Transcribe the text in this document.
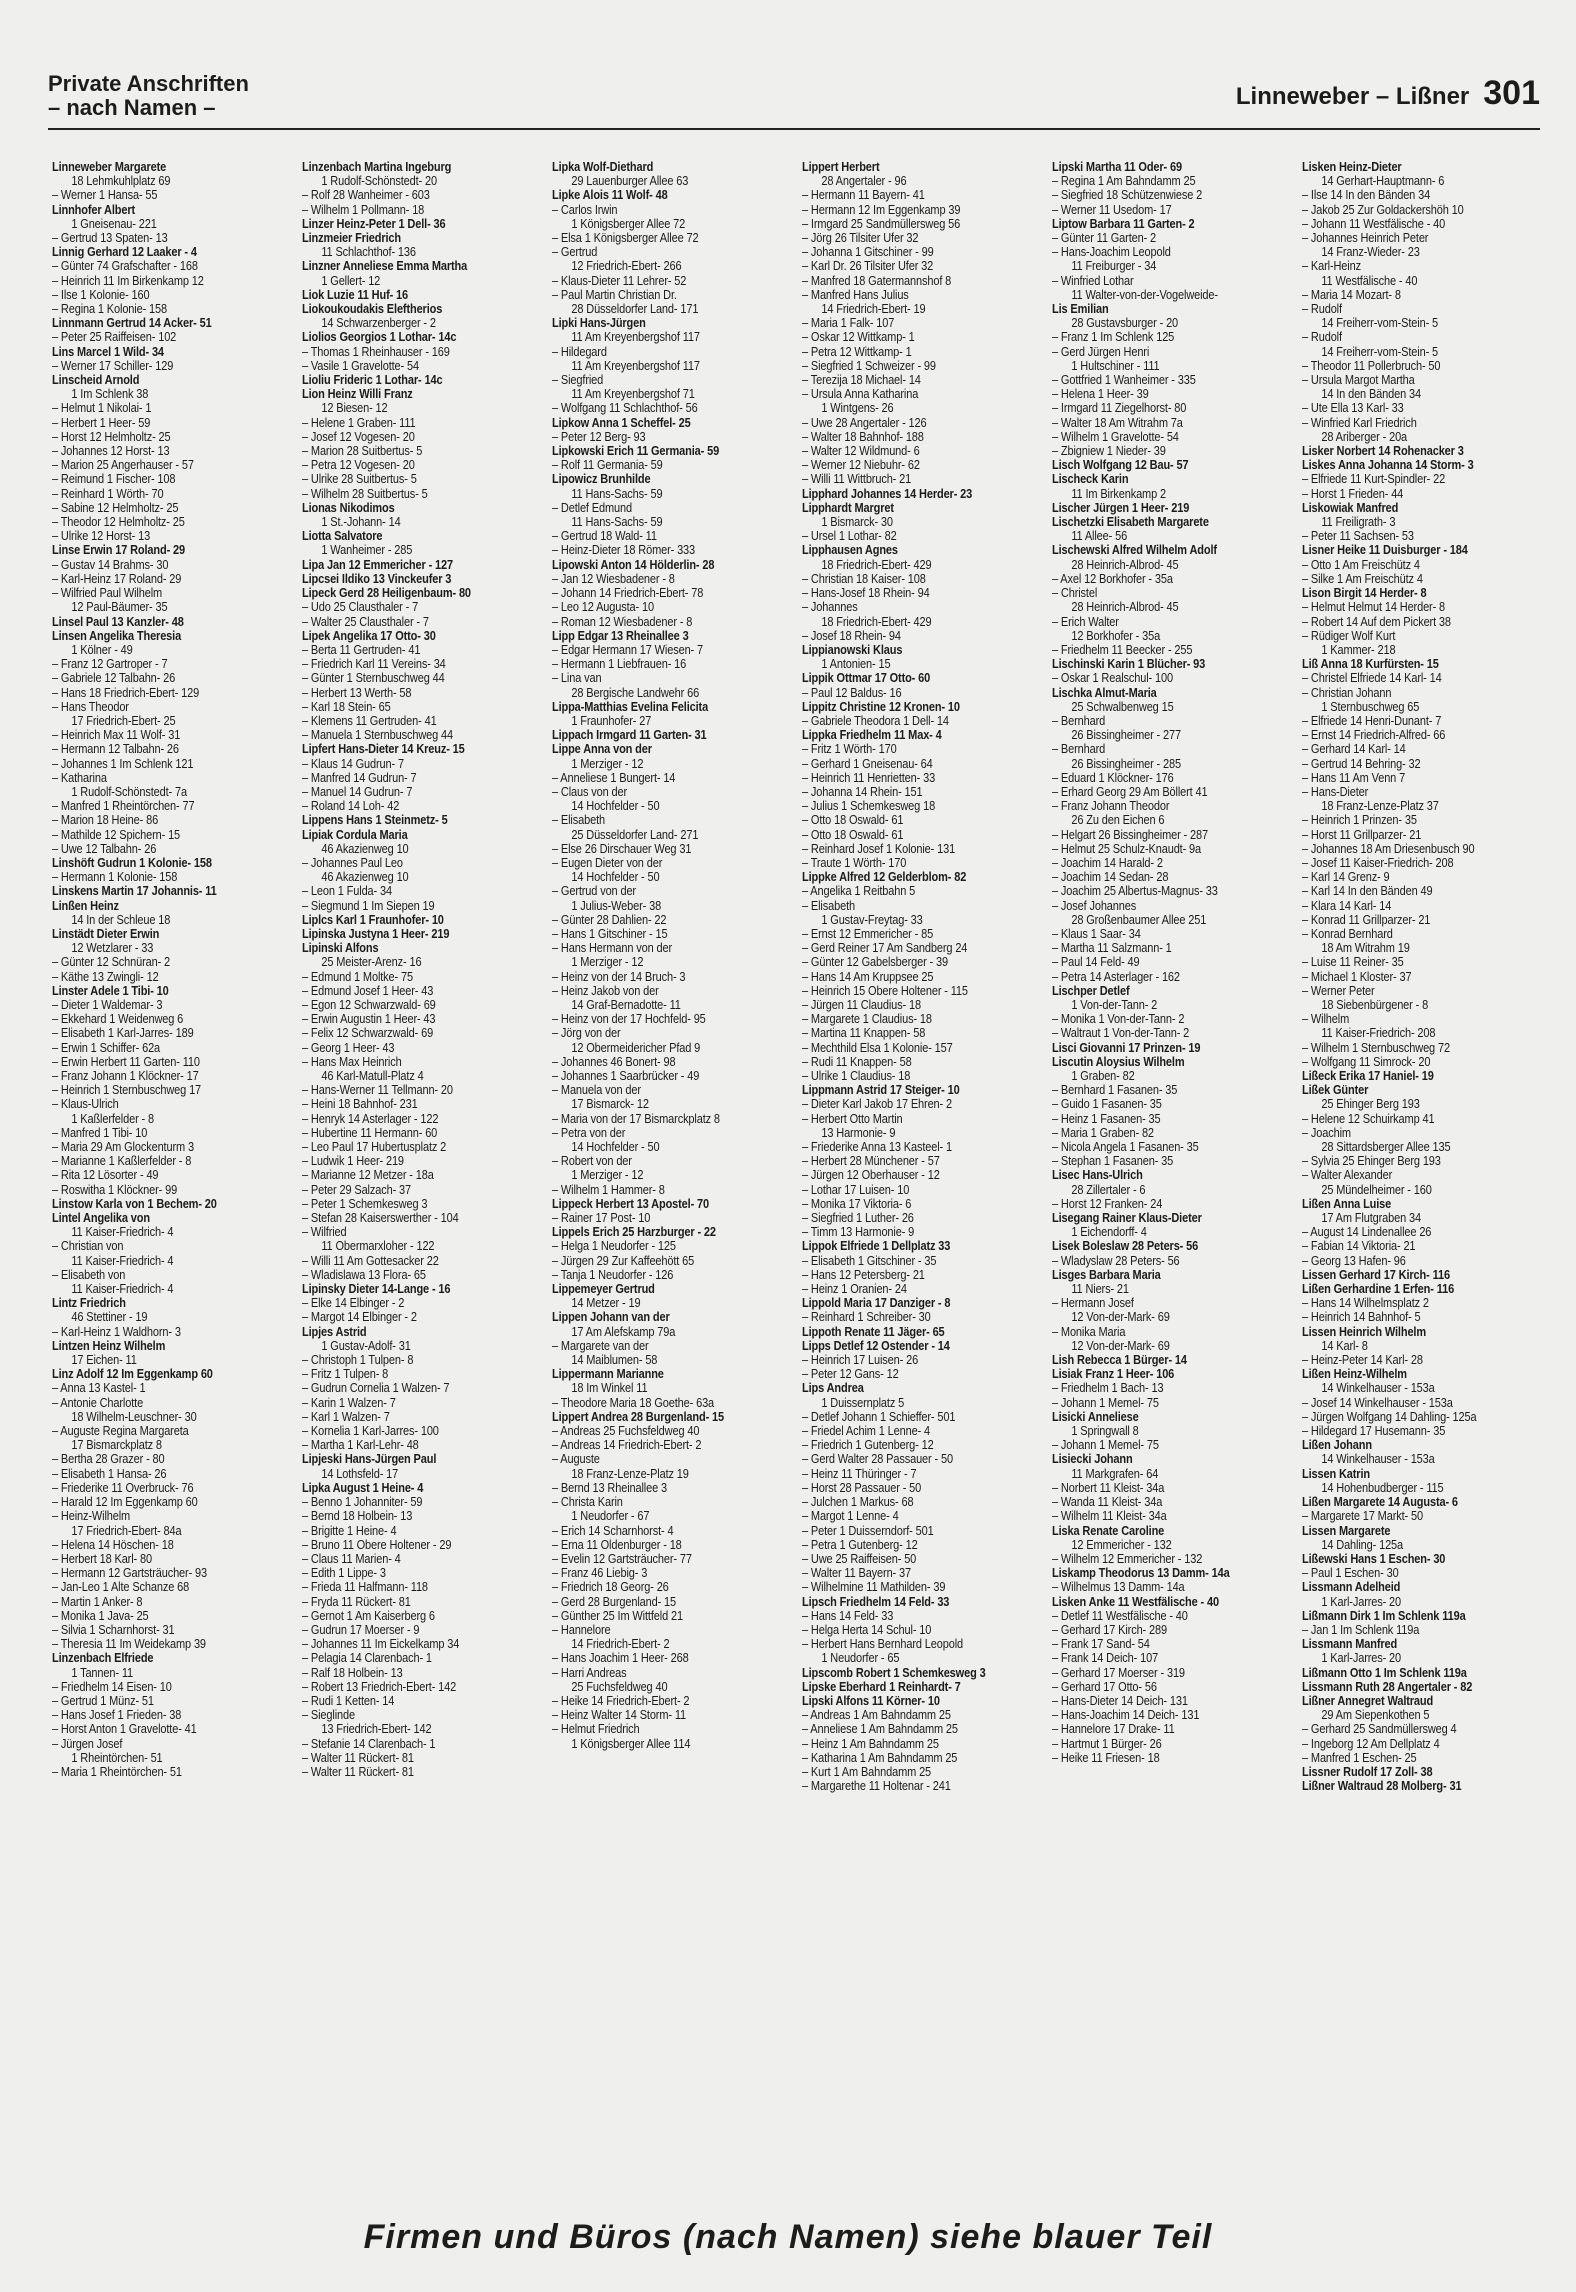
Private Anschriften
– nach Namen –	Linneweber – Lißner 301
Linneweber Margarete
18 Lehmkuhlplatz 69
– Werner 1 Hansa- 55
Linnhofer Albert
1 Gneisenau- 221
– Gertrud 13 Spaten- 13
Linnig Gerhard 12 Laaker - 4
– Günter 74 Grafschafter - 168
– Heinrich 11 Im Birkenkamp 12
– Ilse 1 Kolonie- 160
– Regina 1 Kolonie- 158
Linnmann Gertrud 14 Acker- 51
– Peter 25 Raiffeisen- 102
Lins Marcel 1 Wild- 34
– Werner 17 Schiller- 129
Linscheid Arnold
1 Im Schlenk 38
– Helmut 1 Nikolai- 1
– Herbert 1 Heer- 59
– Horst 12 Helmholtz- 25
– Johannes 12 Horst- 13
– Marion 25 Angerhauser - 57
– Reimund 1 Fischer- 108
– Reinhard 1 Wörth- 70
– Sabine 12 Helmholtz- 25
– Theodor 12 Helmholtz- 25
– Ulrike 12 Horst- 13
Linse Erwin 17 Roland- 29
– Gustav 14 Brahms- 30
– Karl-Heinz 17 Roland- 29
– Wilfried Paul Wilhelm
12 Paul-Bäumer- 35
Linsel Paul 13 Kanzler- 48
Linsen Angelika Theresia
1 Kölner - 49
– Franz 12 Gartroper - 7
– Gabriele 12 Talbahn- 26
– Hans 18 Friedrich-Ebert- 129
– Hans Theodor
17 Friedrich-Ebert- 25
– Heinrich Max 11 Wolf- 31
– Hermann 12 Talbahn- 26
– Johannes 1 Im Schlenk 121
– Katharina
1 Rudolf-Schönstedt- 7a
– Manfred 1 Rheintörchen- 77
– Marion 18 Heine- 86
– Mathilde 12 Spichern- 15
– Uwe 12 Talbahn- 26
Linshöft Gudrun 1 Kolonie- 158
– Hermann 1 Kolonie- 158
Linskens Martin 17 Johannis- 11
Linßen Heinz
14 In der Schleue 18
Linstädt Dieter Erwin
12 Wetzlarer - 33
– Günter 12 Schnüran- 2
– Käthe 13 Zwingli- 12
Linster Adele 1 Tibi- 10
– Dieter 1 Waldemar- 3
– Ekkehard 1 Weidenweg 6
– Elisabeth 1 Karl-Jarres- 189
– Erwin 1 Schiffer- 62a
– Erwin Herbert 11 Garten- 110
– Franz Johann 1 Klöckner- 17
– Heinrich 1 Sternbuschweg 17
– Klaus-Ulrich
1 Kaßlerfelder - 8
– Manfred 1 Tibi- 10
– Maria 29 Am Glockenturm 3
– Marianne 1 Kaßlerfelder - 8
– Rita 12 Lösorter - 49
– Roswitha 1 Klöckner- 99
Linstow Karla von 1 Bechem- 20
Lintel Angelika von
11 Kaiser-Friedrich- 4
– Christian von
11 Kaiser-Friedrich- 4
– Elisabeth von
11 Kaiser-Friedrich- 4
Lintz Friedrich
46 Stettiner - 19
– Karl-Heinz 1 Waldhorn- 3
Lintzen Heinz Wilhelm
17 Eichen- 11
Linz Adolf 12 Im Eggenkamp 60
– Anna 13 Kastel- 1
– Antonie Charlotte
18 Wilhelm-Leuschner- 30
– Auguste Regina Margareta
17 Bismarckplatz 8
– Bertha 28 Grazer - 80
– Elisabeth 1 Hansa- 26
– Friederike 11 Overbruck- 76
– Harald 12 Im Eggenkamp 60
– Heinz-Wilhelm
17 Friedrich-Ebert- 84a
– Helena 14 Höschen- 18
– Herbert 18 Karl- 80
– Hermann 12 Gartsträucher- 93
– Jan-Leo 1 Alte Schanze 68
– Martin 1 Anker- 8
– Monika 1 Java- 25
– Silvia 1 Scharnhorst- 31
– Theresia 11 Im Weidekamp 39
Linzenbach Elfriede
1 Tannen- 11
– Friedhelm 14 Eisen- 10
– Gertrud 1 Münz- 51
– Hans Josef 1 Frieden- 38
– Horst Anton 1 Gravelotte- 41
– Jürgen Josef
1 Rheintörchen- 51
– Maria 1 Rheintörchen- 51
Linzenbach Martina Ingeburg
1 Rudolf-Schönstedt- 20
– Rolf 28 Wanheimer - 603
– Wilhelm 1 Pollmann- 18
Linzer Heinz-Peter 1 Dell- 36
Linzmeier Friedrich
11 Schlachthof- 136
Linzner Anneliese Emma Martha
1 Gellert- 12
Liok Luzie 11 Huf- 16
Liokoukoudakis Eleftherios
14 Schwarzenberger - 2
Liolios Georgios 1 Lothar- 14c
– Thomas 1 Rheinhauser - 169
– Vasile 1 Gravelotte- 54
Lioliu Frideric 1 Lothar- 14c
Lion Heinz Willi Franz
12 Biesen- 12
– Helene 1 Graben- 111
– Josef 12 Vogesen- 20
– Marion 28 Suitbertus- 5
– Petra 12 Vogesen- 20
– Ulrike 28 Suitbertus- 5
– Wilhelm 28 Suitbertus- 5
Lionas Nikodimos
1 St.-Johann- 14
Liotta Salvatore
1 Wanheimer - 285
Lipa Jan 12 Emmericher - 127
Lipcsei Ildiko 13 Vinckeufer 3
Lipeck Gerd 28 Heiligenbaum- 80
– Udo 25 Clausthaler - 7
– Walter 25 Clausthaler - 7
Lipek Angelika 17 Otto- 30
– Berta 11 Gertruden- 41
– Friedrich Karl 11 Vereins- 34
– Günter 1 Sternbuschweg 44
– Herbert 13 Werth- 58
– Karl 18 Stein- 65
– Klemens 11 Gertruden- 41
– Manuela 1 Sternbuschweg 44
Lipfert Hans-Dieter 14 Kreuz- 15
– Klaus 14 Gudrun- 7
– Manfred 14 Gudrun- 7
– Manuel 14 Gudrun- 7
– Roland 14 Loh- 42
Lippens Hans 1 Steinmetz- 5
Lipiak Cordula Maria
46 Akazienweg 10
– Johannes Paul Leo
46 Akazienweg 10
– Leon 1 Fulda- 34
– Siegmund 1 Im Siepen 19
Liplcs Karl 1 Fraunhofer- 10
Lipinska Justyna 1 Heer- 219
Lipinski Alfons
25 Meister-Arenz- 16
– Edmund 1 Moltke- 75
– Edmund Josef 1 Heer- 43
– Egon 12 Schwarzwald- 69
– Erwin Augustin 1 Heer- 43
– Felix 12 Schwarzwald- 69
– Georg 1 Heer- 43
– Hans Max Heinrich
46 Karl-Matull-Platz 4
– Hans-Werner 11 Tellmann- 20
– Heini 18 Bahnhof- 231
– Henryk 14 Asterlager - 122
– Hubertine 11 Hermann- 60
– Leo Paul 17 Hubertusplatz 2
– Ludwik 1 Heer- 219
– Marianne 12 Metzer - 18a
– Peter 29 Salzach- 37
– Peter 1 Schemkesweg 3
– Stefan 28 Kaiserswerther - 104
– Wilfried
11 Obermarxloher - 122
– Willi 11 Am Gottesacker 22
– Wladislawa 13 Flora- 65
Lipinsky Dieter 14-Lange - 16
– Elke 14 Elbinger - 2
– Margot 14 Elbinger - 2
Lipjes Astrid
1 Gustav-Adolf- 31
– Christoph 1 Tulpen- 8
– Fritz 1 Tulpen- 8
– Gudrun Cornelia 1 Walzen- 7
– Karin 1 Walzen- 7
– Karl 1 Walzen- 7
– Kornelia 1 Karl-Jarres- 100
– Martha 1 Karl-Lehr- 48
Lipjeski Hans-Jürgen Paul
14 Lothsfeld- 17
Lipka August 1 Heine- 4
– Benno 1 Johanniter- 59
– Bernd 18 Holbein- 13
– Brigitte 1 Heine- 4
– Bruno 11 Obere Holtener - 29
– Claus 11 Marien- 4
– Edith 1 Lippe- 3
– Frieda 11 Halfmann- 118
– Fryda 11 Rückert- 81
– Gernot 1 Am Kaiserberg 6
– Gudrun 17 Moerser - 9
– Johannes 11 Im Eickelkamp 34
– Pelagia 14 Clarenbach- 1
– Ralf 18 Holbein- 13
– Robert 13 Friedrich-Ebert- 142
– Rudi 1 Ketten- 14
– Sieglinde
13 Friedrich-Ebert- 142
– Stefanie 14 Clarenbach- 1
– Walter 11 Rückert- 81
– Walter 11 Rückert- 81
Lipka Wolf-Diethard
29 Lauenburger Allee 63
Lipke Alois 11 Wolf- 48
– Carlos Irwin
1 Königsberger Allee 72
– Elsa 1 Königsberger Allee 72
– Gertrud
12 Friedrich-Ebert- 266
– Klaus-Dieter 11 Lehrer- 52
– Paul Martin Christian Dr.
28 Düsseldorfer Land- 171
Lipki Hans-Jürgen
11 Am Kreyenbergshof 117
– Hildegard
11 Am Kreyenbergshof 117
– Siegfried
11 Am Kreyenbergshof 71
– Wolfgang 11 Schlachthof- 56
Lipkow Anna 1 Scheffel- 25
– Peter 12 Berg- 93
Lipkowski Erich 11 Germania- 59
– Rolf 11 Germania- 59
Lipowicz Brunhilde
11 Hans-Sachs- 59
– Detlef Edmund
11 Hans-Sachs- 59
– Gertrud 18 Wald- 11
– Heinz-Dieter 18 Römer- 333
Lipowski Anton 14 Hölderlin- 28
– Jan 12 Wiesbadener - 8
– Johann 14 Friedrich-Ebert- 78
– Leo 12 Augusta- 10
– Roman 12 Wiesbadener - 8
Lipp Edgar 13 Rheinallee 3
– Edgar Hermann 17 Wiesen- 7
– Hermann 1 Liebfrauen- 16
– Lina van
28 Bergische Landwehr 66
Lippa-Matthias Evelina Felicita
1 Fraunhofer- 27
Lippach Irmgard 11 Garten- 31
Lippe Anna von der
1 Merziger - 12
– Anneliese 1 Bungert- 14
– Claus von der
14 Hochfelder - 50
– Elisabeth
25 Düsseldorfer Land- 271
– Else 26 Dirschauer Weg 31
– Eugen Dieter von der
14 Hochfelder - 50
– Gertrud von der
1 Julius-Weber- 38
– Günter 28 Dahlien- 22
– Hans 1 Gitschiner - 15
– Hans Hermann von der
1 Merziger - 12
– Heinz von der 14 Bruch- 3
– Heinz Jakob von der
14 Graf-Bernadotte- 11
– Heinz von der 17 Hochfeld- 95
– Jörg von der
12 Obermeidericher Pfad 9
– Johannes 46 Bonert- 98
– Johannes 1 Saarbrücker - 49
– Manuela von der
17 Bismarck- 12
– Maria von der 17 Bismarckplatz 8
– Petra von der
14 Hochfelder - 50
– Robert von der
1 Merziger - 12
– Wilhelm 1 Hammer- 8
Lippeck Herbert 13 Apostel- 70
– Rainer 17 Post- 10
Lippels Erich 25 Harzburger - 22
– Helga 1 Neudorfer - 125
– Jürgen 29 Zur Kaffeehött 65
– Tanja 1 Neudorfer - 126
Lippemeyer Gertrud
14 Metzer - 19
Lippen Johann van der
17 Am Alefskamp 79a
– Margarete van der
14 Maiblumen- 58
Lippermann Marianne
18 Im Winkel 11
– Theodore Maria 18 Goethe- 63a
Lippert Andrea 28 Burgenland- 15
– Andreas 25 Fuchsfeldweg 40
– Andreas 14 Friedrich-Ebert- 2
– Auguste
18 Franz-Lenze-Platz 19
– Bernd 13 Rheinallee 3
– Christa Karin
1 Neudorfer - 67
– Erich 14 Scharnhorst- 4
– Erna 11 Oldenburger - 18
– Evelin 12 Gartsträucher- 77
– Franz 46 Liebig- 3
– Friedrich 18 Georg- 26
– Gerd 28 Burgenland- 15
– Günther 25 Im Wittfeld 21
– Hannelore
14 Friedrich-Ebert- 2
– Hans Joachim 1 Heer- 268
– Harri Andreas
25 Fuchsfeldweg 40
– Heike 14 Friedrich-Ebert- 2
– Heinz Walter 14 Storm- 11
– Helmut Friedrich
1 Königsberger Allee 114
Lippert Herbert
28 Angertaler - 96
– Hermann 11 Bayern- 41
– Hermann 12 Im Eggenkamp 39
– Irmgard 25 Sandmüllersweg 56
– Jörg 26 Tilsiter Ufer 32
– Johanna 1 Gitschiner - 99
– Karl Dr. 26 Tilsiter Ufer 32
– Manfred 18 Gatermannshof 8
– Manfred Hans Julius
14 Friedrich-Ebert- 19
– Maria 1 Falk- 107
– Oskar 12 Wittkamp- 1
– Petra 12 Wittkamp- 1
– Siegfried 1 Schweizer - 99
– Terezija 18 Michael- 14
– Ursula Anna Katharina
1 Wintgens- 26
– Uwe 28 Angertaler - 126
– Walter 18 Bahnhof- 188
– Walter 12 Wildmund- 6
– Werner 12 Niebuhr- 62
– Willi 11 Wittbruch- 21
Lipphard Johannes 14 Herder- 23
Lipphardt Margret
1 Bismarck- 30
– Ursel 1 Lothar- 82
Lipphausen Agnes
18 Friedrich-Ebert- 429
– Christian 18 Kaiser- 108
– Hans-Josef 18 Rhein- 94
– Johannes
18 Friedrich-Ebert- 429
– Josef 18 Rhein- 94
Lippianowski Klaus
1 Antonien- 15
Lippik Ottmar 17 Otto- 60
– Paul 12 Baldus- 16
Lippitz Christine 12 Kronen- 10
– Gabriele Theodora 1 Dell- 14
Lippka Friedhelm 11 Max- 4
– Fritz 1 Wörth- 170
– Gerhard 1 Gneisenau- 64
– Heinrich 11 Henrietten- 33
– Johanna 14 Rhein- 151
– Julius 1 Schemkesweg 18
– Otto 18 Oswald- 61
– Otto 18 Oswald- 61
– Reinhard Josef 1 Kolonie- 131
– Traute 1 Wörth- 170
Lippke Alfred 12 Gelderblom- 82
– Angelika 1 Reitbahn 5
– Elisabeth
1 Gustav-Freytag- 33
– Ernst 12 Emmericher - 85
– Gerd Reiner 17 Am Sandberg 24
– Günter 12 Gabelsberger - 39
– Hans 14 Am Kruppsee 25
– Heinrich 15 Obere Holtener - 115
– Jürgen 11 Claudius- 18
– Margarete 1 Claudius- 18
– Martina 11 Knappen- 58
– Mechthild Elsa 1 Kolonie- 157
– Rudi 11 Knappen- 58
– Ulrike 1 Claudius- 18
Lippmann Astrid 17 Steiger- 10
– Dieter Karl Jakob 17 Ehren- 2
– Herbert Otto Martin
13 Harmonie- 9
– Friederike Anna 13 Kasteel- 1
– Herbert 28 Münchener - 57
– Jürgen 12 Oberhauser - 12
– Lothar 17 Luisen- 10
– Monika 17 Viktoria- 6
– Siegfried 1 Luther- 26
– Timm 13 Harmonie- 9
Lippok Elfriede 1 Dellplatz 33
– Elisabeth 1 Gitschiner - 35
– Hans 12 Petersberg- 21
– Heinz 1 Oranien- 24
Lippold Maria 17 Danziger - 8
– Reinhard 1 Schreiber- 30
Lippoth Renate 11 Jäger- 65
Lipps Detlef 12 Ostender - 14
– Heinrich 17 Luisen- 26
– Peter 12 Gans- 12
Lips Andrea
1 Duissernplatz 5
– Detlef Johann 1 Schieffer- 501
– Friedel Achim 1 Lenne- 4
– Friedrich 1 Gutenberg- 12
– Gerd Walter 28 Passauer - 50
– Heinz 11 Thüringer - 7
– Horst 28 Passauer - 50
– Julchen 1 Markus- 68
– Margot 1 Lenne- 4
– Peter 1 Duisserndorf- 501
– Petra 1 Gutenberg- 12
– Uwe 25 Raiffeisen- 50
– Walter 11 Bayern- 37
– Wilhelmine 11 Mathilden- 39
Lipsch Friedhelm 14 Feld- 33
– Hans 14 Feld- 33
– Helga Herta 14 Schul- 10
– Herbert Hans Bernhard Leopold
1 Neudorfer - 65
Lipscomb Robert 1 Schemkesweg 3
Lipske Eberhard 1 Reinhardt- 7
Lipski Alfons 11 Körner- 10
– Andreas 1 Am Bahndamm 25
– Anneliese 1 Am Bahndamm 25
– Heinz 1 Am Bahndamm 25
– Katharina 1 Am Bahndamm 25
– Kurt 1 Am Bahndamm 25
– Margarethe 11 Holtenar - 241
Lipski Martha 11 Oder- 69
– Regina 1 Am Bahndamm 25
– Siegfried 18 Schützenwiese 2
– Werner 11 Usedom- 17
Liptow Barbara 11 Garten- 2
– Günter 11 Garten- 2
– Hans-Joachim Leopold
11 Freiburger - 34
– Winfried Lothar
11 Walter-von-der-Vogelweide-
Lis Emilian
28 Gustavsburger - 20
– Franz 1 Im Schlenk 125
– Gerd Jürgen Henri
1 Hultschiner - 111
– Gottfried 1 Wanheimer - 335
– Helena 1 Heer- 39
– Irmgard 11 Ziegelhorst- 80
– Walter 18 Am Witrahm 7a
– Wilhelm 1 Gravelotte- 54
– Zbigniew 1 Nieder- 39
Lisch Wolfgang 12 Bau- 57
Lischeck Karin
11 Im Birkenkamp 2
Lischer Jürgen 1 Heer- 219
Lischetzki Elisabeth Margarete
11 Allee- 56
Lischewski Alfred Wilhelm Adolf
28 Heinrich-Albrod- 45
– Axel 12 Borkhofer - 35a
– Christel
28 Heinrich-Albrod- 45
– Erich Walter
12 Borkhofer - 35a
– Friedhelm 11 Beecker - 255
Lischinski Karin 1 Blücher- 93
– Oskar 1 Realschul- 100
Lischka Almut-Maria
25 Schwalbenweg 15
– Bernhard
26 Bissingheimer - 277
– Bernhard
26 Bissingheimer - 285
– Eduard 1 Klöckner- 176
– Erhard Georg 29 Am Böllert 41
– Franz Johann Theodor
26 Zu den Eichen 6
– Helgart 26 Bissingheimer - 287
– Helmut 25 Schulz-Knaudt- 9a
– Joachim 14 Harald- 2
– Joachim 14 Sedan- 28
– Joachim 25 Albertus-Magnus- 33
– Josef Johannes
28 Großenbaumer Allee 251
– Klaus 1 Saar- 34
– Martha 11 Salzmann- 1
– Paul 14 Feld- 49
– Petra 14 Asterlager - 162
Lischper Detlef
1 Von-der-Tann- 2
– Monika 1 Von-der-Tann- 2
– Waltraut 1 Von-der-Tann- 2
Lisci Giovanni 17 Prinzen- 19
Liscutin Aloysius Wilhelm
1 Graben- 82
– Bernhard 1 Fasanen- 35
– Guido 1 Fasanen- 35
– Heinz 1 Fasanen- 35
– Maria 1 Graben- 82
– Nicola Angela 1 Fasanen- 35
– Stephan 1 Fasanen- 35
Lisec Hans-Ulrich
28 Zillertaler - 6
– Horst 12 Franken- 24
Lisegang Rainer Klaus-Dieter
1 Eichendorff- 4
Lisek Boleslaw 28 Peters- 56
– Wladyslaw 28 Peters- 56
Lisges Barbara Maria
11 Niers- 21
– Hermann Josef
12 Von-der-Mark- 69
– Monika Maria
12 Von-der-Mark- 69
Lish Rebecca 1 Bürger- 14
Lisiak Franz 1 Heer- 106
– Friedhelm 1 Bach- 13
– Johann 1 Memel- 75
Lisicki Anneliese
1 Springwall 8
– Johann 1 Memel- 75
Lisiecki Johann
11 Markgrafen- 64
– Norbert 11 Kleist- 34a
– Wanda 11 Kleist- 34a
– Wilhelm 11 Kleist- 34a
Liska Renate Caroline
12 Emmericher - 132
– Wilhelm 12 Emmericher - 132
Liskamp Theodorus 13 Damm- 14a
– Wilhelmus 13 Damm- 14a
Lisken Anke 11 Westfälische - 40
– Detlef 11 Westfälische - 40
– Gerhard 17 Kirch- 289
– Frank 17 Sand- 54
– Frank 14 Deich- 107
– Gerhard 17 Moerser - 319
– Gerhard 17 Otto- 56
– Hans-Dieter 14 Deich- 131
– Hans-Joachim 14 Deich- 131
– Hannelore 17 Drake- 11
– Hartmut 1 Bürger- 26
– Heike 11 Friesen- 18
Lisken Heinz-Dieter
14 Gerhart-Hauptmann- 6
– Ilse 14 In den Bänden 34
– Jakob 25 Zur Goldackershöh 10
– Johann 11 Westfälische - 40
– Johannes Heinrich Peter
14 Franz-Wieder- 23
– Karl-Heinz
11 Westfälische - 40
– Maria 14 Mozart- 8
– Rudolf
14 Freiherr-vom-Stein- 5
– Rudolf
14 Freiherr-vom-Stein- 5
– Theodor 11 Pollerbruch- 50
– Ursula Margot Martha
14 In den Bänden 34
– Ute Ella 13 Karl- 33
– Winfried Karl Friedrich
28 Ariberger - 20a
Lisker Norbert 14 Rohenacker 3
Liskes Anna Johanna 14 Storm- 3
– Elfriede 11 Kurt-Spindler- 22
– Horst 1 Frieden- 44
Liskowiak Manfred
11 Freiligrath- 3
– Peter 11 Sachsen- 53
Lisner Heike 11 Duisburger - 184
– Otto 1 Am Freischütz 4
– Silke 1 Am Freischütz 4
Lison Birgit 14 Herder- 8
– Helmut Helmut 14 Herder- 8
– Robert 14 Auf dem Pickert 38
– Rüdiger Wolf Kurt
1 Kammer- 218
Liß Anna 18 Kurfürsten- 15
– Christel Elfriede 14 Karl- 14
– Christian Johann
1 Sternbuschweg 65
– Elfriede 14 Henri-Dunant- 7
– Ernst 14 Friedrich-Alfred- 66
– Gerhard 14 Karl- 14
– Gertrud 14 Behring- 32
– Hans 11 Am Venn 7
– Hans-Dieter
18 Franz-Lenze-Platz 37
– Heinrich 1 Prinzen- 35
– Horst 11 Grillparzer- 21
– Johannes 18 Am Driesenbusch 90
– Josef 11 Kaiser-Friedrich- 208
– Karl 14 Grenz- 9
– Karl 14 In den Bänden 49
– Klara 14 Karl- 14
– Konrad 11 Grillparzer- 21
– Konrad Bernhard
18 Am Witrahm 19
– Luise 11 Reiner- 35
– Michael 1 Kloster- 37
– Werner Peter
18 Siebenbürgener - 8
– Wilhelm
11 Kaiser-Friedrich- 208
– Wilhelm 1 Sternbuschweg 72
– Wolfgang 11 Simrock- 20
Lißeck Erika 17 Haniel- 19
Lißek Günter
25 Ehinger Berg 193
– Helene 12 Schuirkamp 41
– Joachim
28 Sittardsberger Allee 135
– Sylvia 25 Ehinger Berg 193
– Walter Alexander
25 Mündelheimer - 160
Lißen Anna Luise
17 Am Flutgraben 34
– August 14 Lindenallee 26
– Fabian 14 Viktoria- 21
– Georg 13 Hafen- 96
Lissen Gerhard 17 Kirch- 116
Lißen Gerhardine 1 Erfen- 116
– Hans 14 Wilhelmsplatz 2
– Heinrich 14 Bahnhof- 5
Lissen Heinrich Wilhelm
14 Karl- 8
– Heinz-Peter 14 Karl- 28
Lißen Heinz-Wilhelm
14 Winkelhauser - 153a
– Josef 14 Winkelhauser - 153a
– Jürgen Wolfgang 14 Dahling- 125a
– Hildegard 17 Husemann- 35
Lißen Johann
14 Winkelhauser - 153a
Lissen Katrin
14 Hohenbudberger - 115
Lißen Margarete 14 Augusta- 6
– Margarete 17 Markt- 50
Lissen Margarete
14 Dahling- 125a
Lißewski Hans 1 Eschen- 30
– Paul 1 Eschen- 30
Lissmann Adelheid
1 Karl-Jarres- 20
Lißmann Dirk 1 Im Schlenk 119a
– Jan 1 Im Schlenk 119a
Lissmann Manfred
1 Karl-Jarres- 20
Lißmann Otto 1 Im Schlenk 119a
Lissmann Ruth 28 Angertaler - 82
Lißner Annegret Waltraud
29 Am Siepenkothen 5
– Gerhard 25 Sandmüllersweg 4
– Ingeborg 12 Am Dellplatz 4
– Manfred 1 Eschen- 25
Lissner Rudolf 17 Zoll- 38
Lißner Waltraud 28 Molberg- 31
Firmen und Büros (nach Namen) siehe blauer Teil
